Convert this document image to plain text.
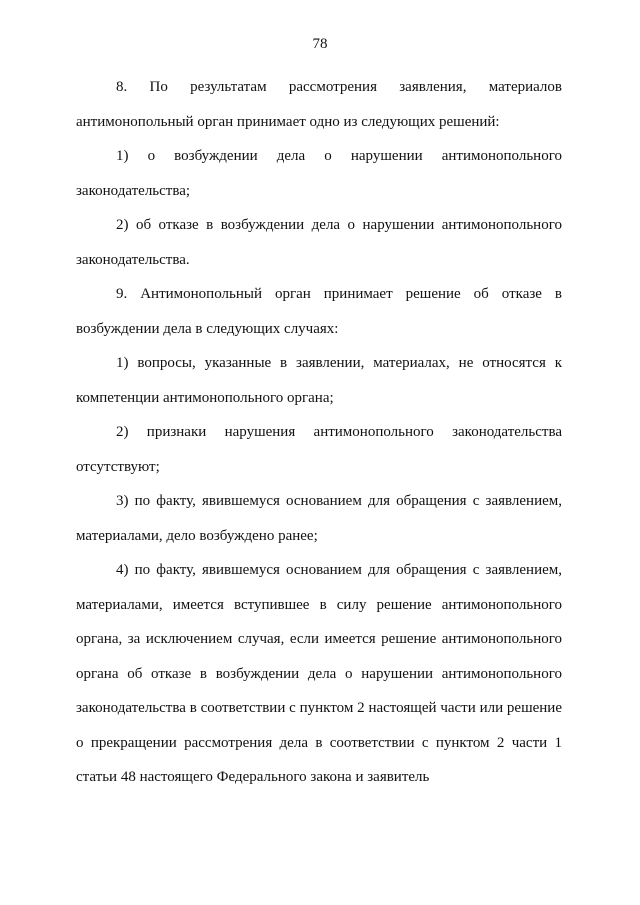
78

8. По результатам рассмотрения заявления, материалов антимонопольный орган принимает одно из следующих решений:

1) о возбуждении дела о нарушении антимонопольного законодательства;

2) об отказе в возбуждении дела о нарушении антимонопольного законодательства.

9. Антимонопольный орган принимает решение об отказе в возбуждении дела в следующих случаях:

1) вопросы, указанные в заявлении, материалах, не относятся к компетенции антимонопольного органа;

2) признаки нарушения антимонопольного законодательства отсутствуют;

3) по факту, явившемуся основанием для обращения с заявлением, материалами, дело возбуждено ранее;

4) по факту, явившемуся основанием для обращения с заявлением, материалами, имеется вступившее в силу решение антимонопольного органа, за исключением случая, если имеется решение антимонопольного органа об отказе в возбуждении дела о нарушении антимонопольного законодательства в соответствии с пунктом 2 настоящей части или решение о прекращении рассмотрения дела в соответствии с пунктом 2 части 1 статьи 48 настоящего Федерального закона и заявитель
